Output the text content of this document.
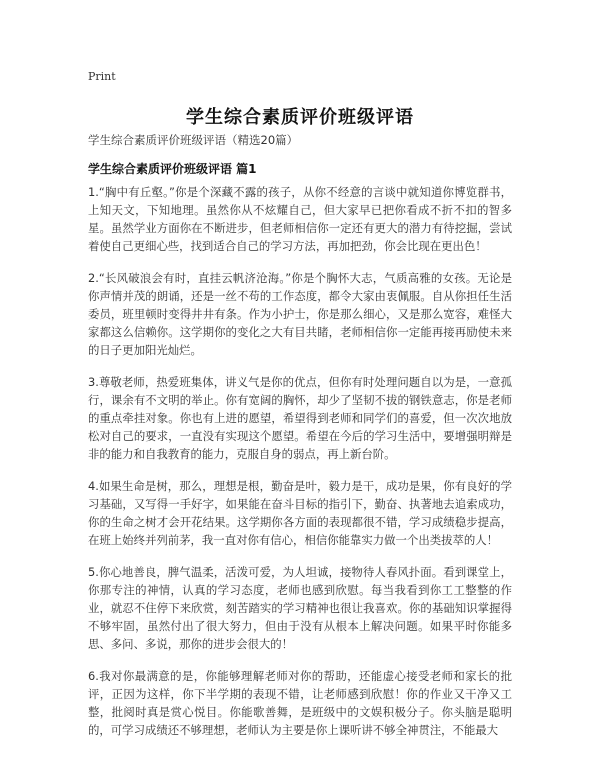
Print
学生综合素质评价班级评语
学生综合素质评价班级评语（精选20篇）
学生综合素质评价班级评语 篇1

1.“胸中有丘壑。”你是个深藏不露的孩子，从你不经意的言谈中就知道你博览群书，上知天文，下知地理。虽然你从不炫耀自己，但大家早已把你看成不折不扣的智多星。虽然学业方面你在不断进步，但老师相信你一定还有更大的潜力有待挖掘，尝试着使自己更细心些，找到适合自己的学习方法，再加把劲，你会比现在更出色！

2.“长风破浪会有时，直挂云帆济沧海。”你是个胸怀大志，气质高雅的女孩。无论是你声情并茂的朗诵，还是一丝不苟的工作态度，都令大家由衷佩服。自从你担任生活委员，班里顿时变得井井有条。作为小护士，你是那么细心，又是那么宽容，难怪大家都这么信赖你。这学期你的变化之大有目共睹，老师相信你一定能再接再励使未来的日子更加阳光灿烂。

3.尊敬老师，热爱班集体，讲义气是你的优点，但你有时处理问题自以为是，一意孤行，课余有不文明的举止。你有宽阔的胸怀，却少了坚韧不拔的钢铁意志，你是老师的重点牵挂对象。你也有上进的愿望，希望得到老师和同学们的喜爱，但一次次地放松对自己的要求，一直没有实现这个愿望。希望在今后的学习生活中，要增强明辩是非的能力和自我教育的能力，克服自身的弱点，再上新台阶。

4.如果生命是树，那么，理想是根，勤奋是叶，毅力是干，成功是果，你有良好的学习基础，又写得一手好字，如果能在奋斗目标的指引下，勤奋、执著地去追索成功，你的生命之树才会开花结果。这学期你各方面的表现都很不错，学习成绩稳步提高，在班上始终并列前茅，我一直对你有信心，相信你能靠实力做一个出类拔萃的人！

5.你心地善良，脾气温柔，活泼可爱，为人坦诚，接物待人春风扑面。看到课堂上，你那专注的神情，认真的学习态度，老师也感到欣慰。每当我看到你工工整整的作业，就忍不住停下来欣赏，刻苦踏实的学习精神也很让我喜欢。你的基础知识掌握得不够牢固，虽然付出了很大努力，但由于没有从根本上解决问题。如果平时你能多思、多问、多说，那你的进步会很大的！

6.我对你最满意的是，你能够理解老师对你的帮助，还能虚心接受老师和家长的批评，正因为这样，你下半学期的表现不错，让老师感到欣慰！你的作业又干净又工整，批阅时真是赏心悦目。你能歌善舞，是班级中的文娱积极分子。你头脑是聪明的，可学习成绩还不够理想，老师认为主要是你上课听讲不够全神贯注，不能最大
